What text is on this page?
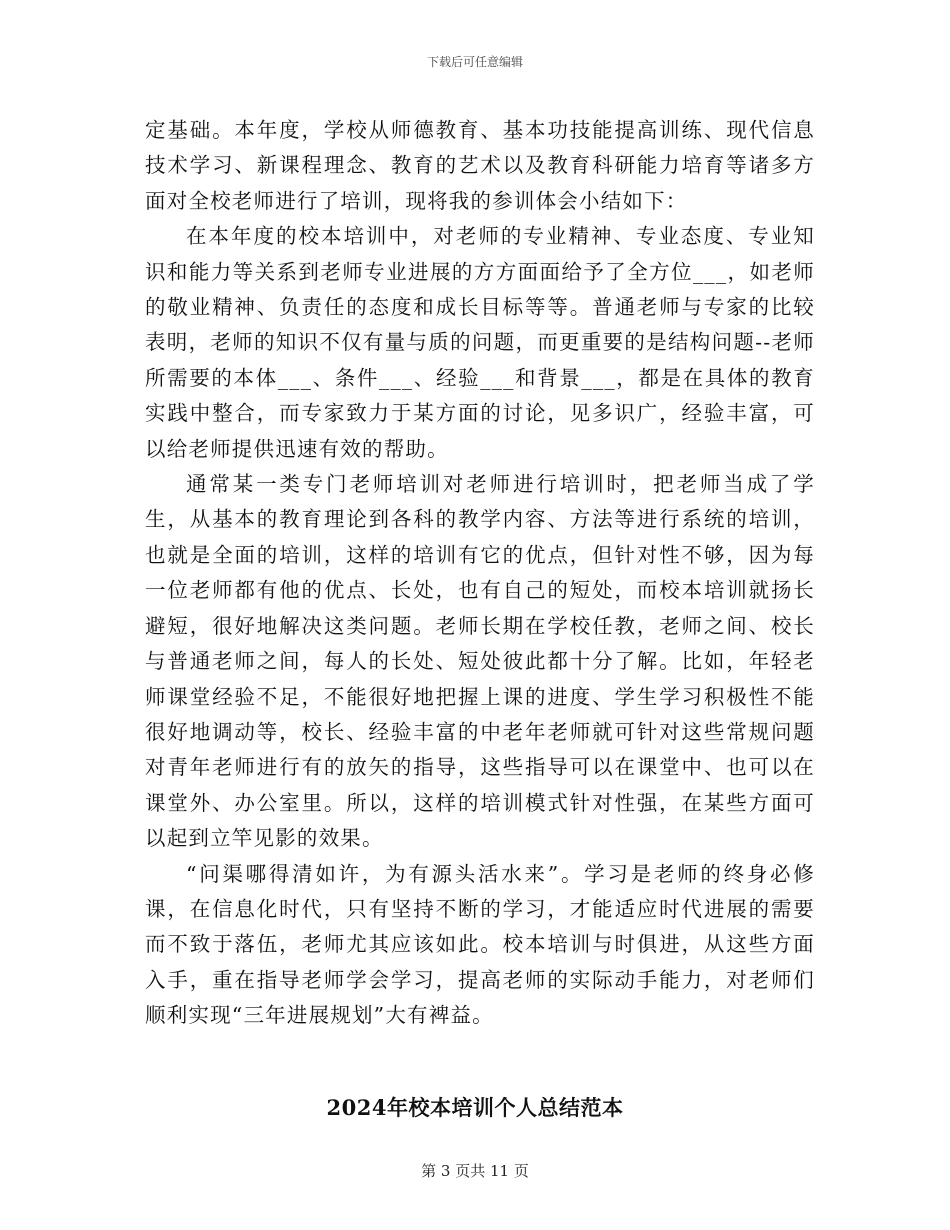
下载后可任意编辑

定基础。本年度，学校从师德教育、基本功技能提高训练、现代信息技术学习、新课程理念、教育的艺术以及教育科研能力培育等诸多方面对全校老师进行了培训，现将我的参训体会小结如下：

在本年度的校本培训中，对老师的专业精神、专业态度、专业知识和能力等关系到老师专业进展的方方面面给予了全方位___，如老师的敬业精神、负责任的态度和成长目标等等。普通老师与专家的比较表明，老师的知识不仅有量与质的问题，而更重要的是结构问题--老师所需要的本体___、条件___、经验___和背景___，都是在具体的教育实践中整合，而专家致力于某方面的讨论，见多识广，经验丰富，可以给老师提供迅速有效的帮助。

通常某一类专门老师培训对老师进行培训时，把老师当成了学生，从基本的教育理论到各科的教学内容、方法等进行系统的培训，也就是全面的培训，这样的培训有它的优点，但针对性不够，因为每一位老师都有他的优点、长处，也有自己的短处，而校本培训就扬长避短，很好地解决这类问题。老师长期在学校任教，老师之间、校长与普通老师之间，每人的长处、短处彼此都十分了解。比如，年轻老师课堂经验不足，不能很好地把握上课的进度、学生学习积极性不能很好地调动等，校长、经验丰富的中老年老师就可针对这些常规问题对青年老师进行有的放矢的指导，这些指导可以在课堂中、也可以在课堂外、办公室里。所以，这样的培训模式针对性强，在某些方面可以起到立竿见影的效果。

“问渠哪得清如许，为有源头活水来”。学习是老师的终身必修课，在信息化时代，只有坚持不断的学习，才能适应时代进展的需要而不致于落伍，老师尤其应该如此。校本培训与时俱进，从这些方面入手，重在指导老师学会学习，提高老师的实际动手能力，对老师们顺利实现“三年进展规划”大有裨益。

2024年校本培训个人总结范本
第 3 页共 11 页
